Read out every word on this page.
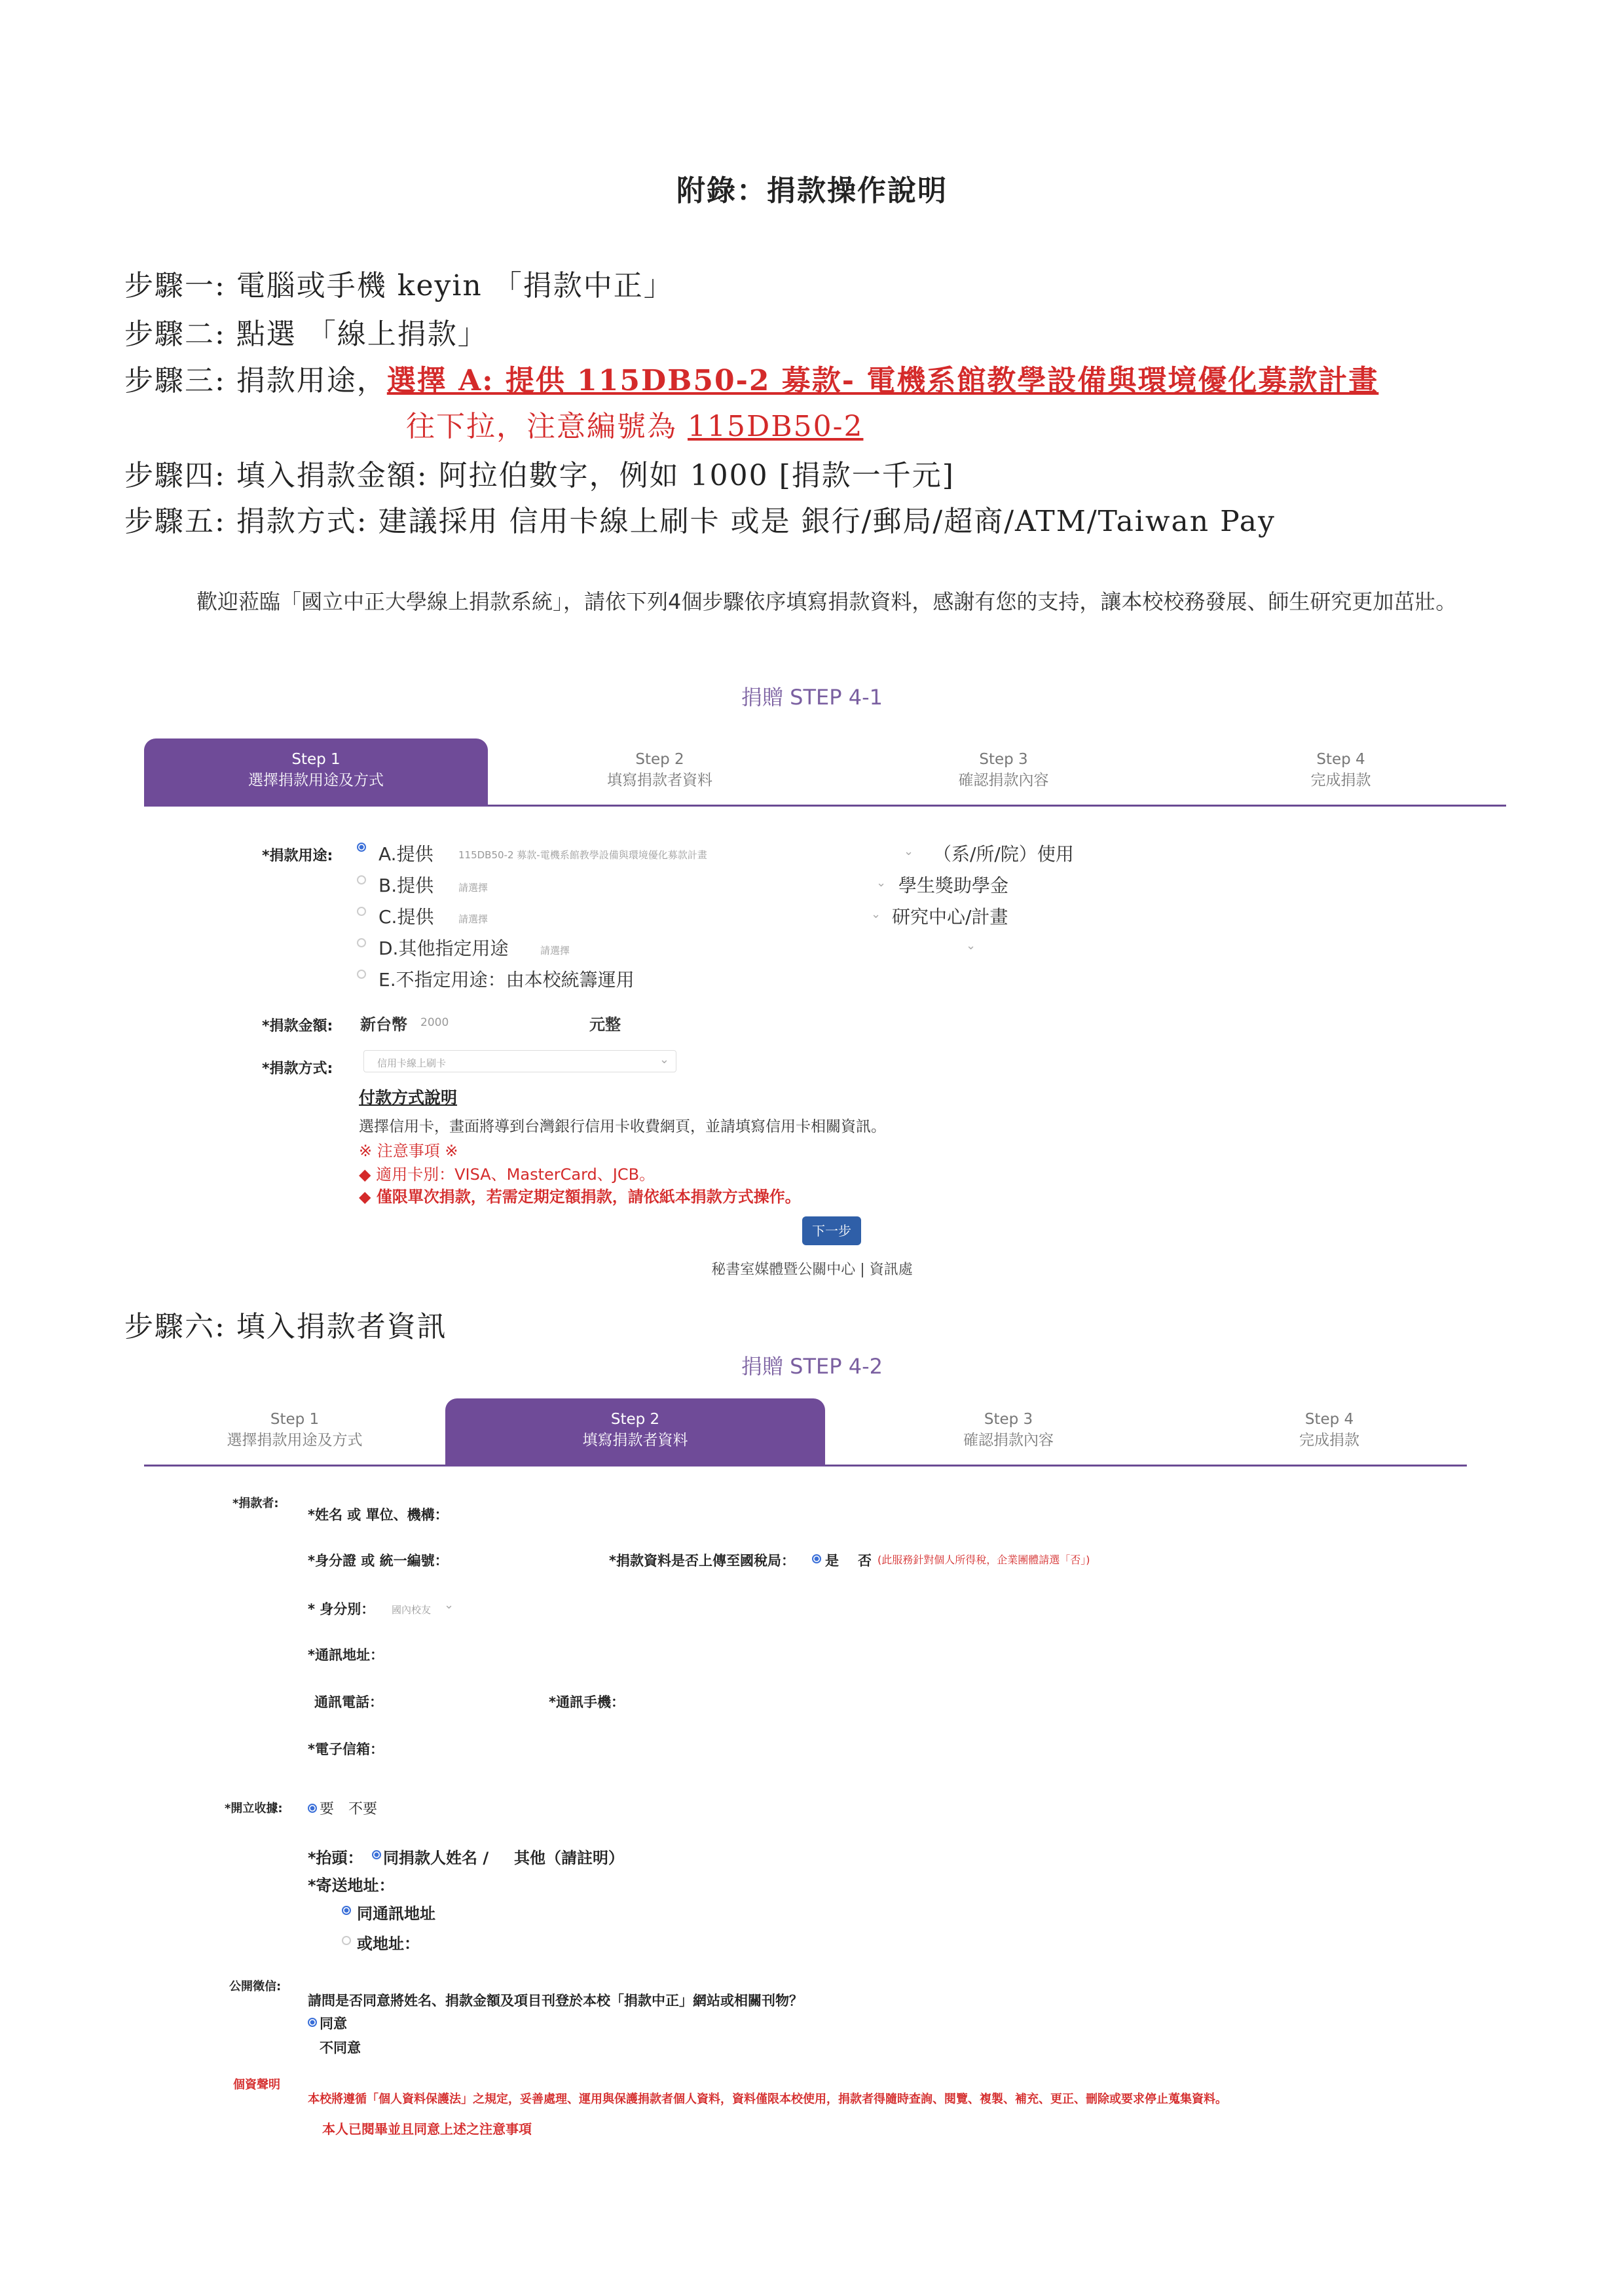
附錄：捐款操作說明
步驟一: 電腦或手機 keyin 「捐款中正」
步驟二: 點選 「線上捐款」
步驟三: 捐款用途，選擇 A: 提供 115DB50-2 募款- 電機系館教學設備與環境優化募款計畫
往下拉，注意編號為 115DB50-2
步驟四: 填入捐款金額: 阿拉伯數字，例如 1000 [捐款一千元]
步驟五: 捐款方式: 建議採用 信用卡線上刷卡 或是 銀行/郵局/超商/ATM/Taiwan Pay
歡迎蒞臨「國立中正大學線上捐款系統」，請依下列4個步驟依序填寫捐款資料，感謝有您的支持，讓本校校務發展、師生研究更加茁壯。
捐贈 STEP 4-1
Step 1
選擇捐款用途及方式
Step 2
填寫捐款者資料
Step 3
確認捐款內容
Step 4
完成捐款
*捐款用途: A.提供	115DB50-2 募款-電機系館教學設備與環境優化募款計畫	⌄ （系/所/院）使用
B.提供	請選擇	⌄ 學生獎助學金
C.提供	請選擇	⌄ 研究中心/計畫
D.其他指定用途	請選擇	⌄
E.不指定用途：由本校統籌運用
*捐款金額: 新台幣 2000	元整
*捐款方式:	信用卡線上刷卡	⌄
付款方式說明
選擇信用卡，畫面將導到台灣銀行信用卡收費網頁，並請填寫信用卡相關資訊。
※ 注意事項 ※
◆ 適用卡別：VISA、MasterCard、JCB。
◆ 僅限單次捐款，若需定期定額捐款，請依紙本捐款方式操作。
下一步
秘書室媒體暨公關中心 | 資訊處
步驟六: 填入捐款者資訊
捐贈 STEP 4-2
Step 1
選擇捐款用途及方式
Step 2
填寫捐款者資料
Step 3
確認捐款內容
Step 4
完成捐款
*捐款者:
*姓名 或 單位、機構：
*身分證 或 統一編號：	*捐款資料是否上傳至國稅局： 是 否 (此服務針對個人所得稅，企業團體請選「否」)
* 身分別： 國內校友 ⌄
*通訊地址：
通訊電話：	*通訊手機：
*電子信箱：
*開立收據:	要 不要
*抬頭： 同捐款人姓名 / 其他（請註明）
*寄送地址：
同通訊地址
或地址：
公開徵信:
請問是否同意將姓名、捐款金額及項目刊登於本校「捐款中正」網站或相關刊物？
同意
不同意
個資聲明
本校將遵循「個人資料保護法」之規定，妥善處理、運用與保護捐款者個人資料，資料僅限本校使用，捐款者得隨時查詢、閱覽、複製、補充、更正、刪除或要求停止蒐集資料。
本人已閱畢並且同意上述之注意事項
